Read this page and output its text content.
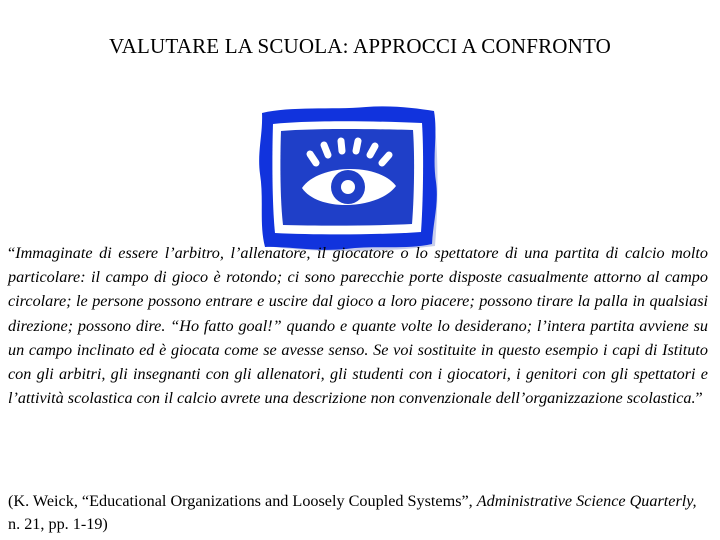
VALUTARE LA SCUOLA: APPROCCI A CONFRONTO

“Immaginate di essere l’arbitro, l’allenatore, il giocatore o lo spettatore di una partita di calcio molto particolare: il campo di gioco è rotondo; ci sono parecchie porte disposte casualmente attorno al campo circolare; le persone possono entrare e uscire dal gioco a loro piacere; possono tirare la palla in qualsiasi direzione; possono dire. “Ho fatto goal!” quando e quante volte lo desiderano; l’intera partita avviene su un campo inclinato ed è giocata come se avesse senso. Se voi sostituite in questo esempio i capi di Istituto con gli arbitri, gli insegnanti con gli allenatori, gli studenti con i giocatori, i genitori con gli spettatori e l’attività scolastica con il calcio avrete una descrizione non convenzionale dell’organizzazione scolastica.”

(K. Weick, “Educational Organizations and Loosely Coupled Systems”, Administrative Science Quarterly, n. 21, pp. 1-19)
